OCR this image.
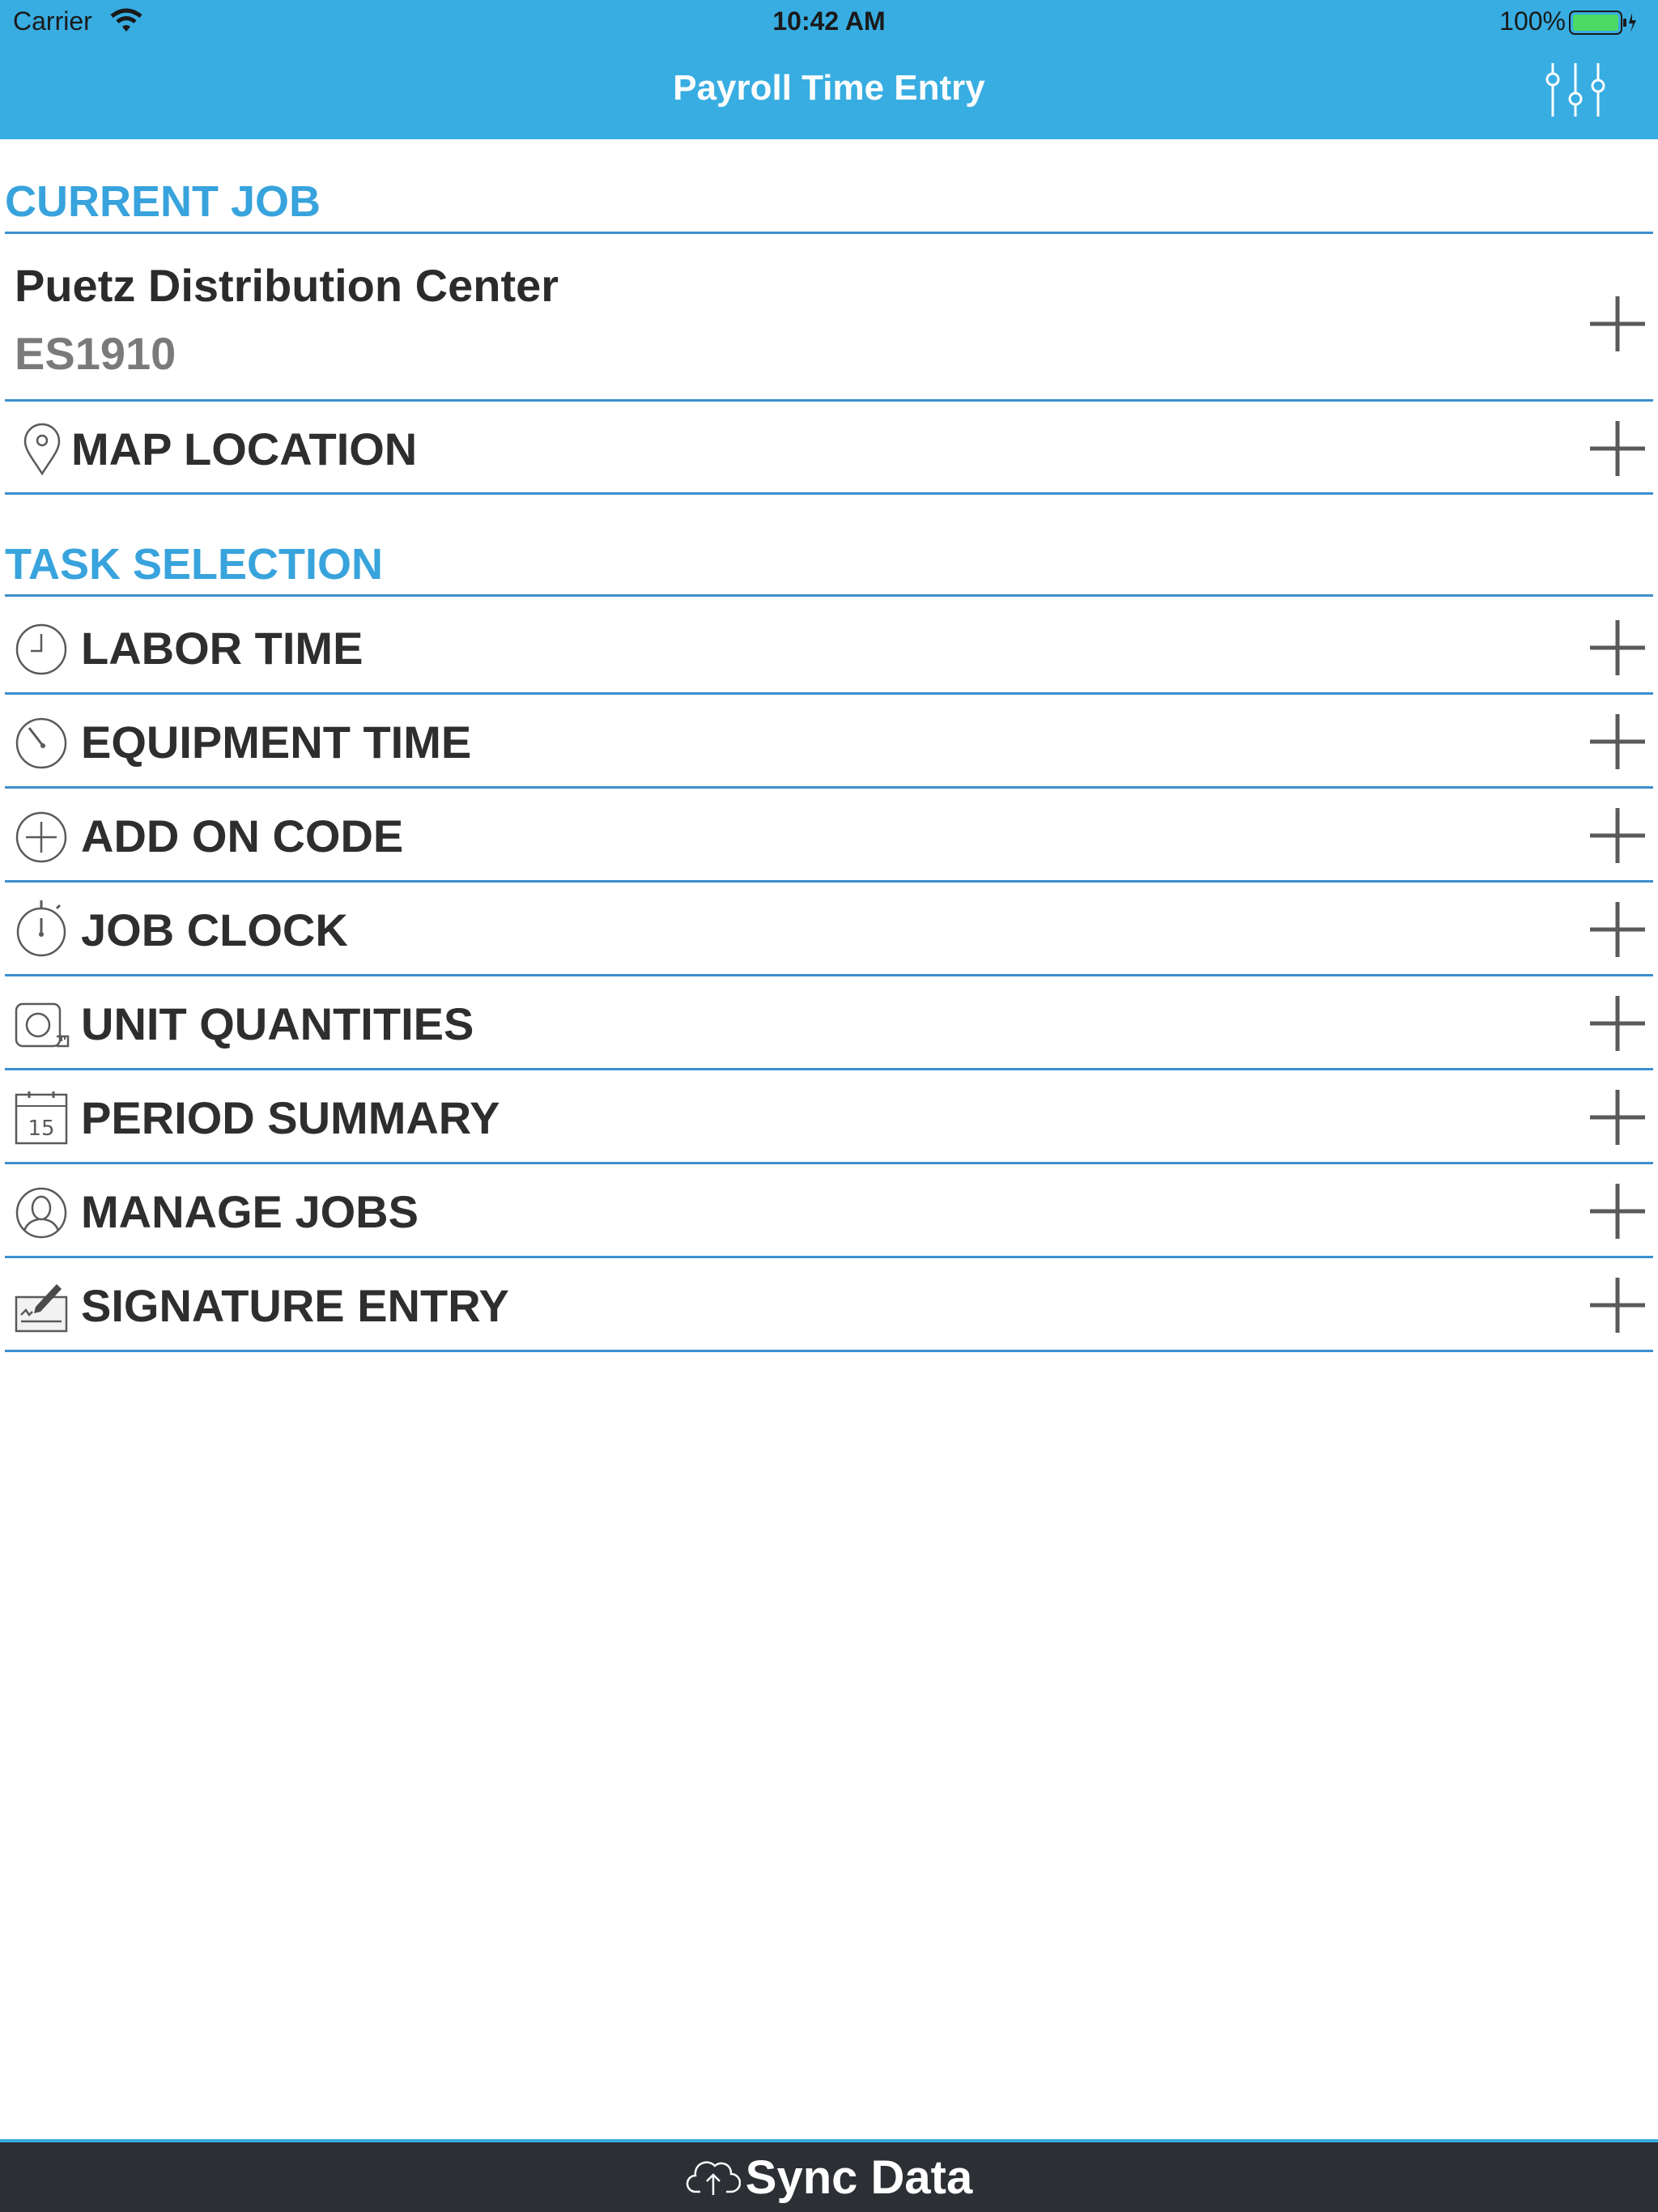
Carrier	10:42 AM	100%
Payroll Time Entry
CURRENT JOB
Puetz Distribution Center
ES1910
MAP LOCATION
TASK SELECTION
LABOR TIME
EQUIPMENT TIME
ADD ON CODE
JOB CLOCK
UNIT QUANTITIES
15 PERIOD SUMMARY
MANAGE JOBS
SIGNATURE ENTRY
Sync Data
